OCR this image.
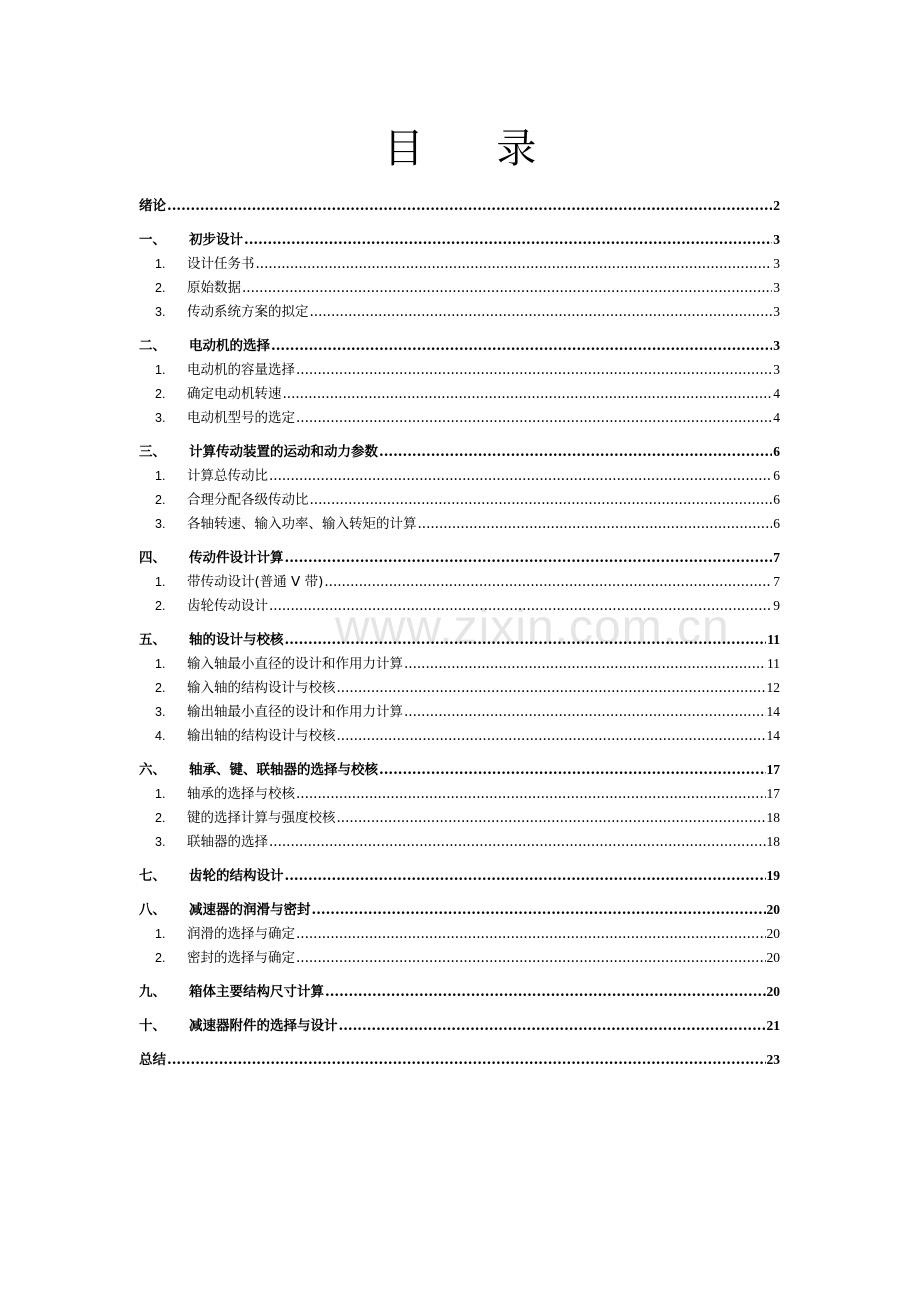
目 录
www.zixin.com.cn
绪论 .....	2
一、	初步设计 .....	3
1.	设计任务书 .....	3
2.	原始数据 .....	3
3.	传动系统方案的拟定 .....	3
二、	电动机的选择 .....	3
1.	电动机的容量选择 .....	3
2.	确定电动机转速 .....	4
3.	电动机型号的选定 .....	4
三、	计算传动装置的运动和动力参数 .....	6
1.	计算总传动比 .....	6
2.	合理分配各级传动比 .....	6
3.	各轴转速、输入功率、输入转矩的计算 .....	6
四、	传动件设计计算 .....	7
1.	带传动设计(普通 V 带) .....	7
2.	齿轮传动设计 .....	9
五、	轴的设计与校核 .....	11
1.	输入轴最小直径的设计和作用力计算 .....	11
2.	输入轴的结构设计与校核 .....	12
3.	输出轴最小直径的设计和作用力计算 .....	14
4.	输出轴的结构设计与校核 .....	14
六、	轴承、键、联轴器的选择与校核 .....	17
1.	轴承的选择与校核 .....	17
2.	键的选择计算与强度校核 .....	18
3.	联轴器的选择 .....	18
七、	齿轮的结构设计 .....	19
八、	减速器的润滑与密封 .....	20
1.	润滑的选择与确定 .....	20
2.	密封的选择与确定 .....	20
九、	箱体主要结构尺寸计算 .....	20
十、	减速器附件的选择与设计 .....	21
总结 .....	23
